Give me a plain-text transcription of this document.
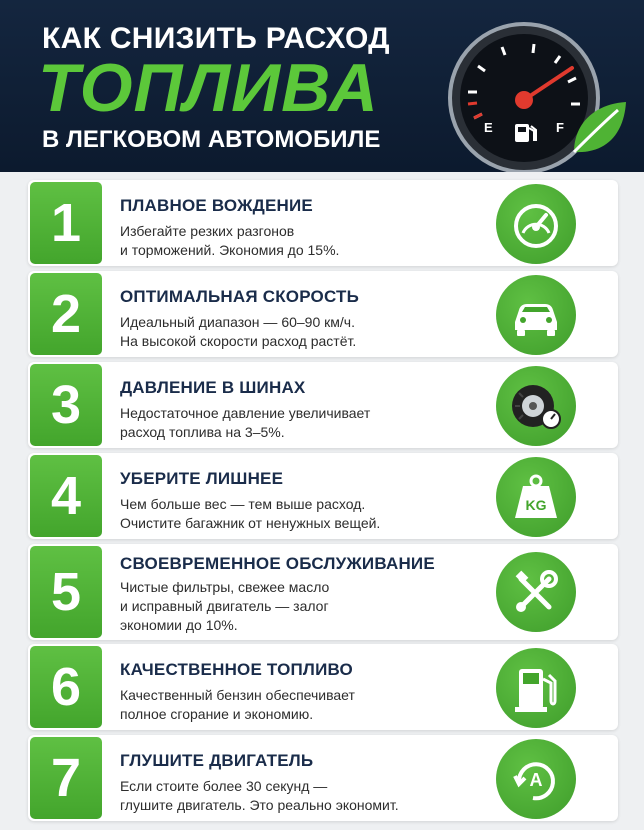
КАК СНИЗИТЬ РАСХОД
ТОПЛИВА
В ЛЕГКОВОМ АВТОМОБИЛЕ	E	F
1	ПЛАВНОЕ ВОЖДЕНИЕ
Избегайте резких разгонов
и торможений. Экономия до 15%.
2	ОПТИМАЛЬНАЯ СКОРОСТЬ
Идеальный диапазон — 60–90 км/ч.
На высокой скорости расход растёт.
3	ДАВЛЕНИЕ В ШИНАХ
Недостаточное давление увеличивает
расход топлива на 3–5%.
4	УБЕРИТЕ ЛИШНЕЕ
Чем больше вес — тем выше расход.
Очистите багажник от ненужных вещей.
KG
5	СВОЕВРЕМЕННОЕ ОБСЛУЖИВАНИЕ
Чистые фильтры, свежее масло
и исправный двигатель — залог
экономии до 10%.
6	КАЧЕСТВЕННОЕ ТОПЛИВО
Качественный бензин обеспечивает
полное сгорание и экономию.
7	ГЛУШИТЕ ДВИГАТЕЛЬ
Если стоите более 30 секунд —
глушите двигатель. Это реально экономит.
A
